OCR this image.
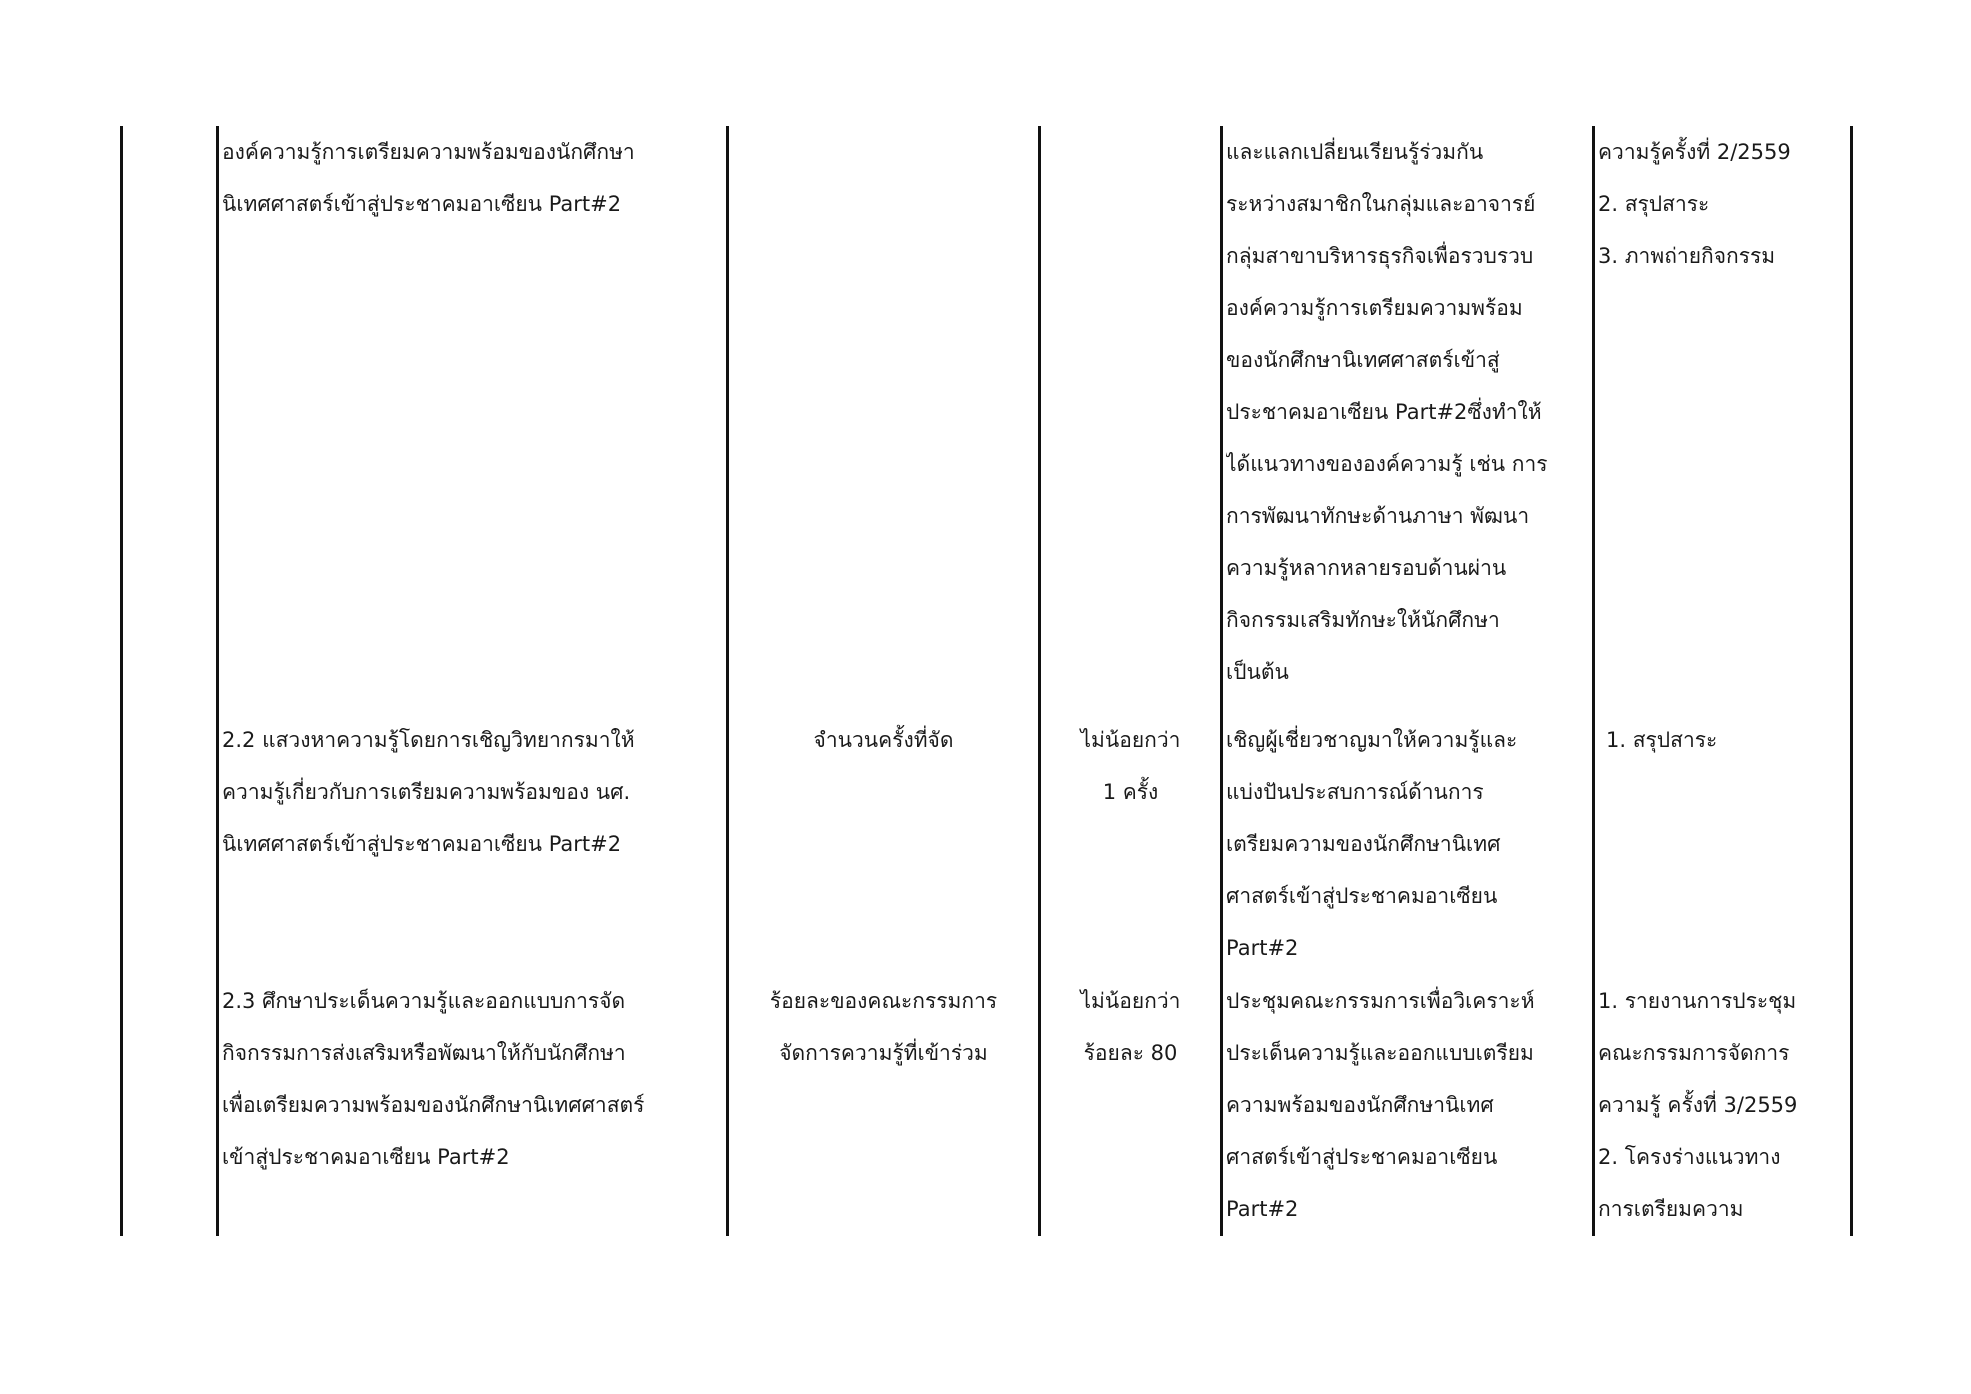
องค์ความรู้การเตรียมความพร้อมของนักศึกษา
นิเทศศาสตร์เข้าสู่ประชาคมอาเซียน Part#2
และแลกเปลี่ยนเรียนรู้ร่วมกัน
ระหว่างสมาชิกในกลุ่มและอาจารย์
กลุ่มสาขาบริหารธุรกิจเพื่อรวบรวบ
องค์ความรู้การเตรียมความพร้อม
ของนักศึกษานิเทศศาสตร์เข้าสู่
ประชาคมอาเซียน Part#2ซึ่งทำให้
ได้แนวทางขององค์ความรู้ เช่น การ
การพัฒนาทักษะด้านภาษา พัฒนา
ความรู้หลากหลายรอบด้านผ่าน
กิจกรรมเสริมทักษะให้นักศึกษา
เป็นต้น
ความรู้ครั้งที่ 2/2559
2. สรุปสาระ
3. ภาพถ่ายกิจกรรม
2.2 แสวงหาความรู้โดยการเชิญวิทยากรมาให้
ความรู้เกี่ยวกับการเตรียมความพร้อมของ นศ.
นิเทศศาสตร์เข้าสู่ประชาคมอาเซียน Part#2
จำนวนครั้งที่จัด	ไม่น้อยกว่า
1 ครั้ง
เชิญผู้เชี่ยวชาญมาให้ความรู้และ
แบ่งปันประสบการณ์ด้านการ
เตรียมความของนักศึกษานิเทศ
ศาสตร์เข้าสู่ประชาคมอาเซียน
Part#2
1. สรุปสาระ
2.3 ศึกษาประเด็นความรู้และออกแบบการจัด
กิจกรรมการส่งเสริมหรือพัฒนาให้กับนักศึกษา
เพื่อเตรียมความพร้อมของนักศึกษานิเทศศาสตร์
เข้าสู่ประชาคมอาเซียน Part#2
ร้อยละของคณะกรรมการ
จัดการความรู้ที่เข้าร่วม
ไม่น้อยกว่า
ร้อยละ 80
ประชุมคณะกรรมการเพื่อวิเคราะห์
ประเด็นความรู้และออกแบบเตรียม
ความพร้อมของนักศึกษานิเทศ
ศาสตร์เข้าสู่ประชาคมอาเซียน
Part#2
1. รายงานการประชุม
คณะกรรมการจัดการ
ความรู้ ครั้งที่ 3/2559
2. โครงร่างแนวทาง
การเตรียมความ
